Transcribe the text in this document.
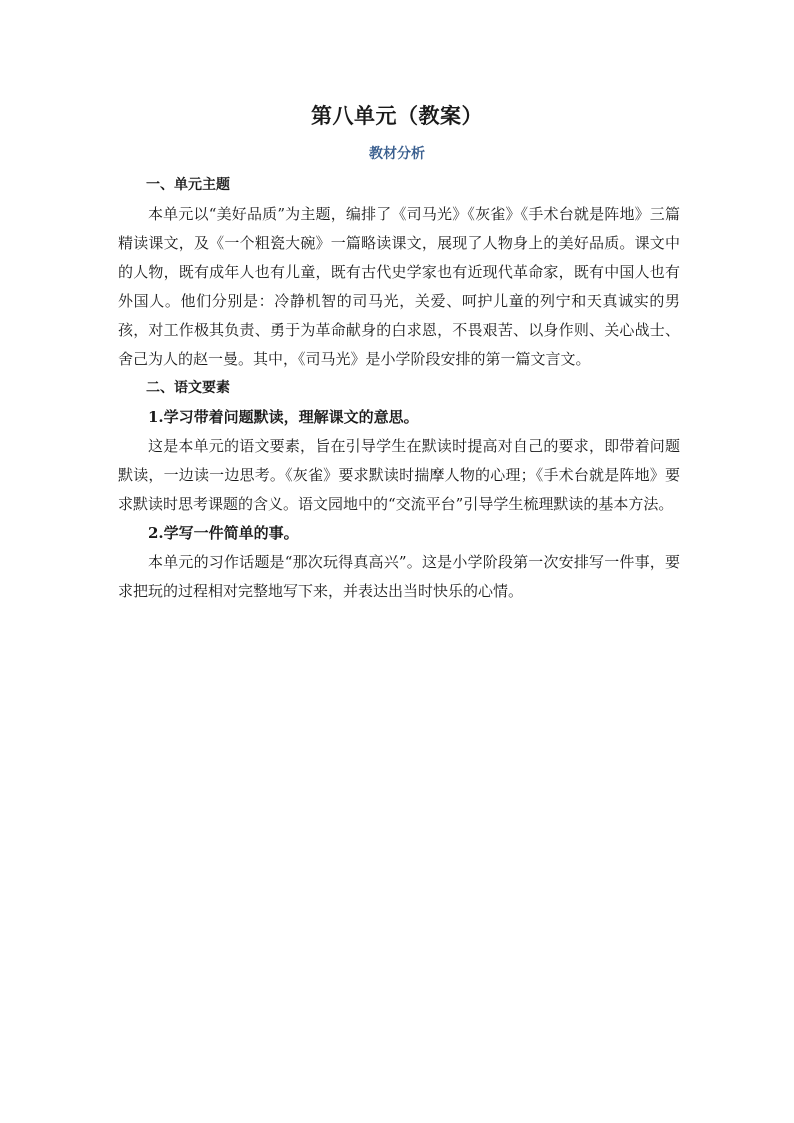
第八单元（教案）
教材分析

一、单元主题

本单元以“美好品质”为主题，编排了《司马光》《灰雀》《手术台就是阵地》三篇精读课文，及《一个粗瓷大碗》一篇略读课文，展现了人物身上的美好品质。课文中的人物，既有成年人也有儿童，既有古代史学家也有近现代革命家，既有中国人也有外国人。他们分别是：冷静机智的司马光，关爱、呵护儿童的列宁和天真诚实的男孩，对工作极其负责、勇于为革命献身的白求恩，不畏艰苦、以身作则、关心战士、舍己为人的赵一曼。其中，《司马光》是小学阶段安排的第一篇文言文。

二、语文要素

1.学习带着问题默读，理解课文的意思。

这是本单元的语文要素，旨在引导学生在默读时提高对自己的要求，即带着问题默读，一边读一边思考。《灰雀》要求默读时揣摩人物的心理；《手术台就是阵地》要求默读时思考课题的含义。语文园地中的“交流平台”引导学生梳理默读的基本方法。

2.学写一件简单的事。

本单元的习作话题是“那次玩得真高兴”。这是小学阶段第一次安排写一件事，要求把玩的过程相对完整地写下来，并表达出当时快乐的心情。
